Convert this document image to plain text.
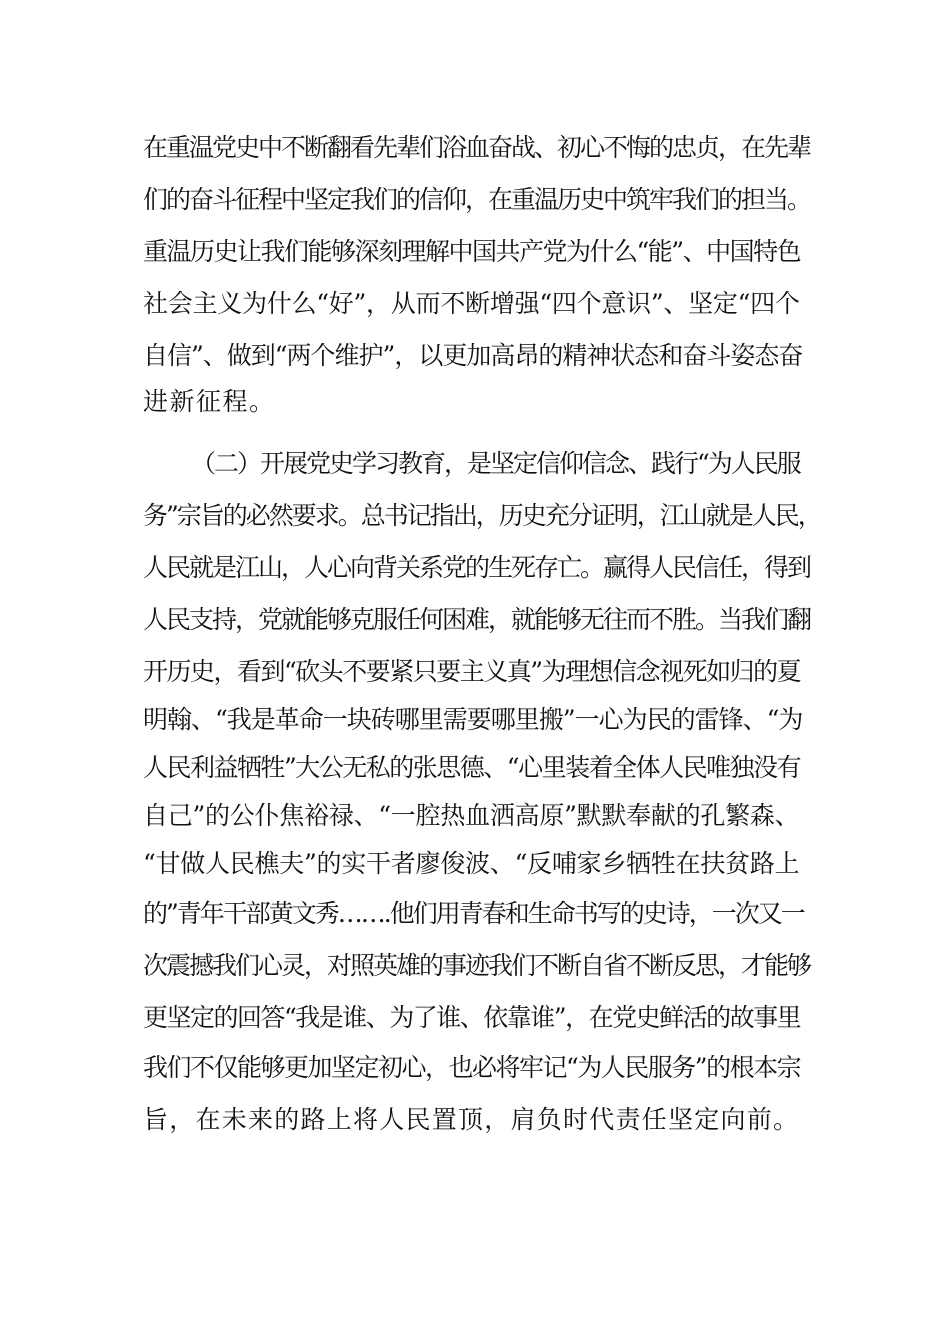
在重温党史中不断翻看先辈们浴血奋战、初心不悔的忠贞，在先辈
们的奋斗征程中坚定我们的信仰，在重温历史中筑牢我们的担当。
重温历史让我们能够深刻理解中国共产党为什么“能”、中国特色
社会主义为什么“好”，从而不断增强“四个意识”、坚定“四个
自信”、做到“两个维护”，以更加高昂的精神状态和奋斗姿态奋
进新征程。
（二）开展党史学习教育，是坚定信仰信念、践行“为人民服
务”宗旨的必然要求。总书记指出，历史充分证明，江山就是人民，
人民就是江山，人心向背关系党的生死存亡。赢得人民信任，得到
人民支持，党就能够克服任何困难，就能够无往而不胜。当我们翻
开历史，看到“砍头不要紧只要主义真”为理想信念视死如归的夏
明翰、“我是革命一块砖哪里需要哪里搬”一心为民的雷锋、“为
人民利益牺牲”大公无私的张思德、“心里装着全体人民唯独没有
自己”的公仆焦裕禄、“一腔热血洒高原”默默奉献的孔繁森、
“甘做人民樵夫”的实干者廖俊波、“反哺家乡牺牲在扶贫路上
的”青年干部黄文秀…….他们用青春和生命书写的史诗，一次又一
次震撼我们心灵，对照英雄的事迹我们不断自省不断反思，才能够
更坚定的回答“我是谁、为了谁、依靠谁”，在党史鲜活的故事里
我们不仅能够更加坚定初心，也必将牢记“为人民服务”的根本宗
旨，在未来的路上将人民置顶，肩负时代责任坚定向前。
